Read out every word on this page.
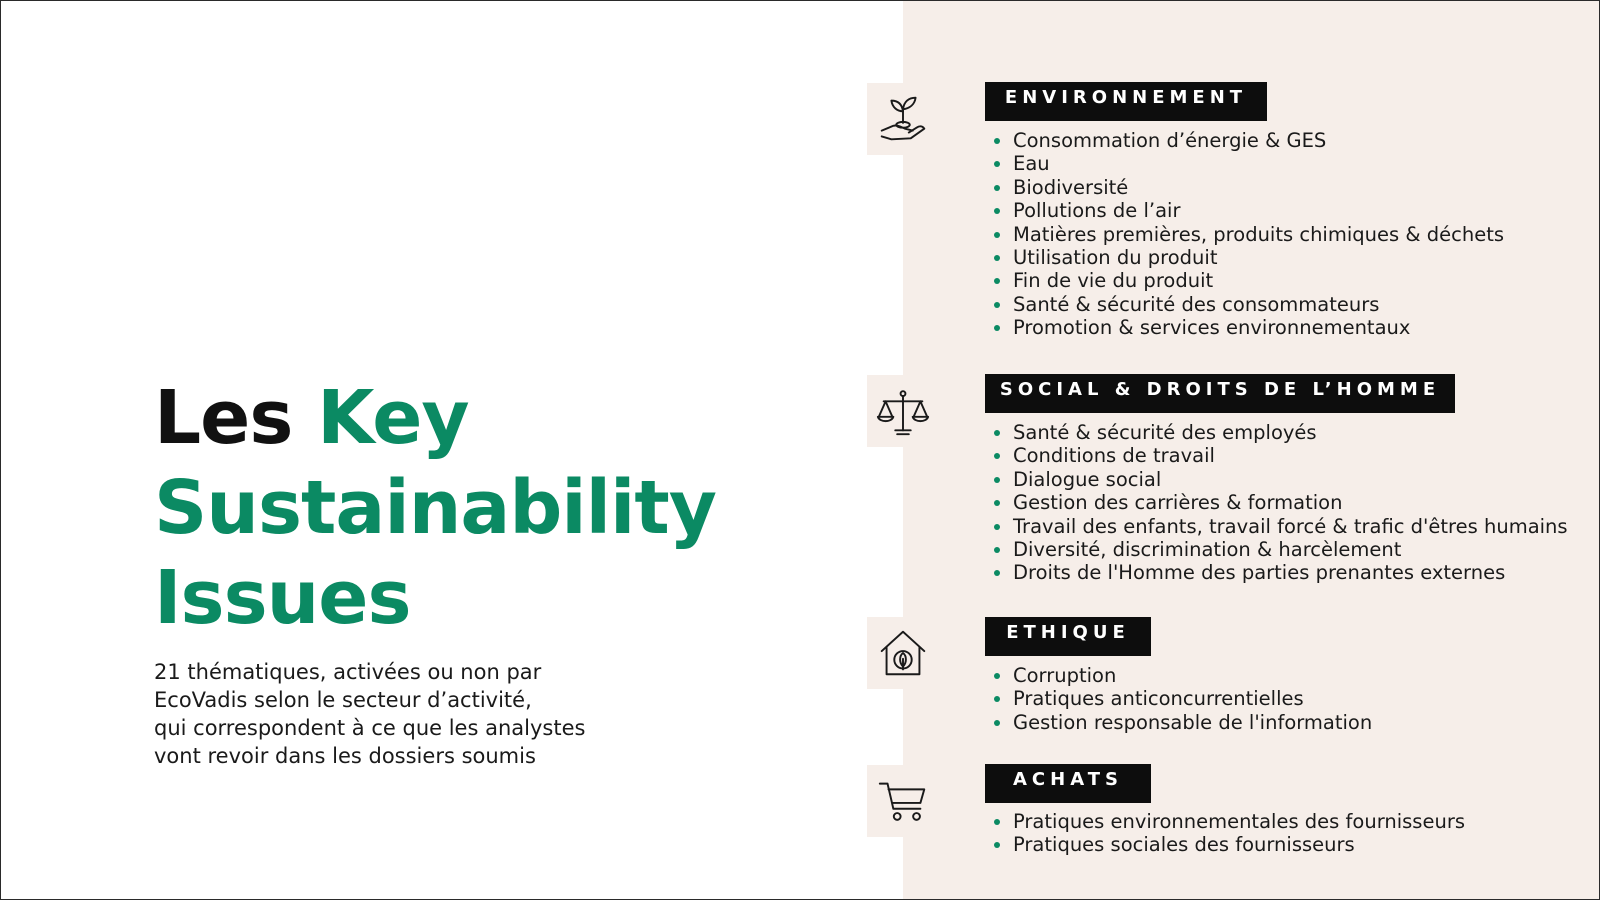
Les Key
Sustainability
Issues

21 thématiques, activées ou non par
EcoVadis selon le secteur d’activité,
qui correspondent à ce que les analystes
vont revoir dans les dossiers soumis

ENVIRONNEMENT
Consommation d’énergie & GES
Eau
Biodiversité
Pollutions de l’air
Matières premières, produits chimiques & déchets
Utilisation du produit
Fin de vie du produit
Santé & sécurité des consommateurs
Promotion & services environnementaux
SOCIAL & DROITS DE L’HOMME
Santé & sécurité des employés
Conditions de travail
Dialogue social
Gestion des carrières & formation
Travail des enfants, travail forcé & trafic d'êtres humains
Diversité, discrimination & harcèlement
Droits de l'Homme des parties prenantes externes
ETHIQUE
Corruption
Pratiques anticoncurrentielles
Gestion responsable de l'information
ACHATS
Pratiques environnementales des fournisseurs
Pratiques sociales des fournisseurs
